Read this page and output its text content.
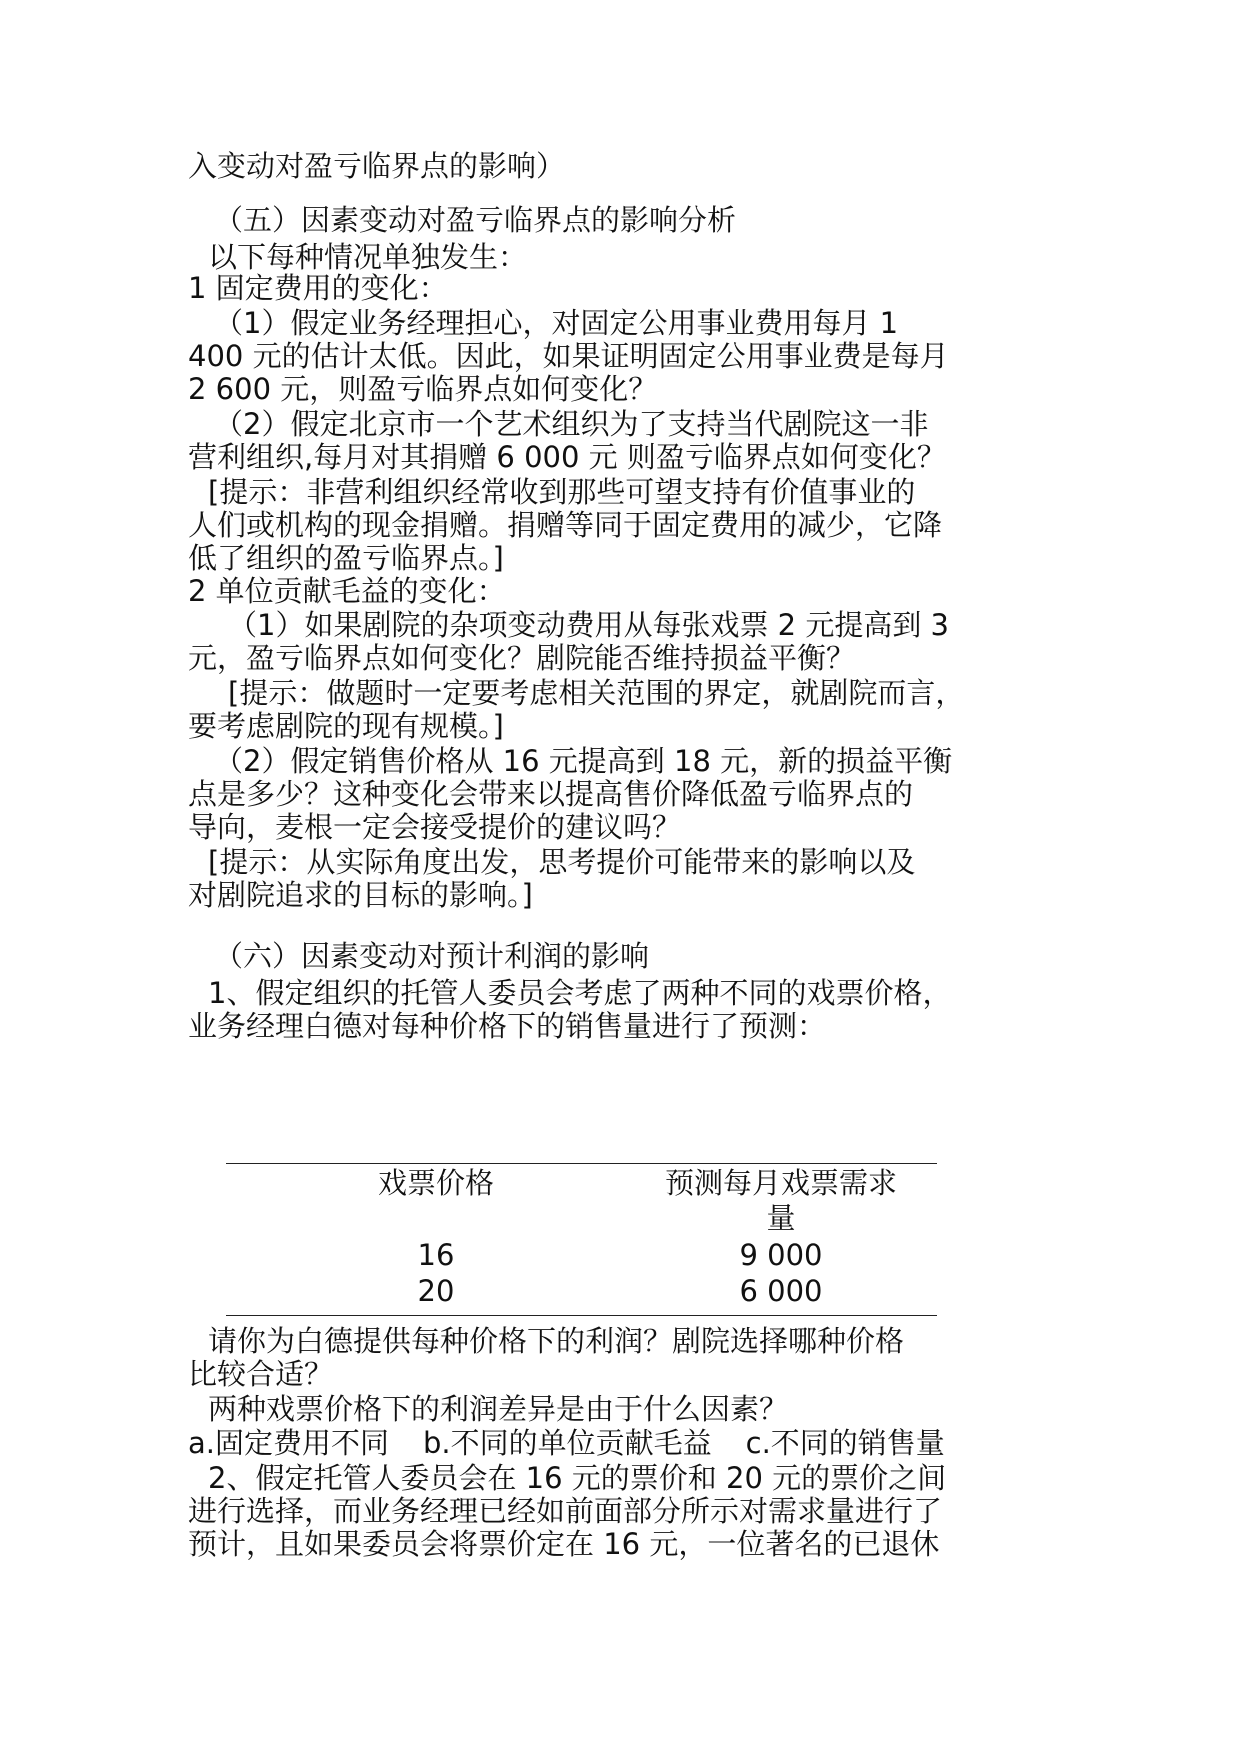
入变动对盈亏临界点的影响）

（五）因素变动对盈亏临界点的影响分析

以下每种情况单独发生：

1 固定费用的变化：

（1）假定业务经理担心，对固定公用事业费用每月 1

400 元的估计太低。因此，如果证明固定公用事业费是每月

2 600 元，则盈亏临界点如何变化？

（2）假定北京市一个艺术组织为了支持当代剧院这一非

营利组织,每月对其捐赠 6 000 元 则盈亏临界点如何变化？

[提示：非营利组织经常收到那些可望支持有价值事业的

人们或机构的现金捐赠。捐赠等同于固定费用的减少，它降

低了组织的盈亏临界点。]

2 单位贡献毛益的变化：

（1）如果剧院的杂项变动费用从每张戏票 2 元提高到 3

元，盈亏临界点如何变化？剧院能否维持损益平衡？

[提示：做题时一定要考虑相关范围的界定，就剧院而言，

要考虑剧院的现有规模。]

（2）假定销售价格从 16 元提高到 18 元，新的损益平衡

点是多少？这种变化会带来以提高售价降低盈亏临界点的

导向，麦根一定会接受提价的建议吗？

[提示：从实际角度出发，思考提价可能带来的影响以及

对剧院追求的目标的影响。]

（六）因素变动对预计利润的影响

1、假定组织的托管人委员会考虑了两种不同的戏票价格，

业务经理白德对每种价格下的销售量进行了预测：

戏票价格	预测每月戏票需求
量
16	9 000
20	6 000

请你为白德提供每种价格下的利润？剧院选择哪种价格

比较合适？

两种戏票价格下的利润差异是由于什么因素？

a.固定费用不同 b.不同的单位贡献毛益 c.不同的销售量

2、假定托管人委员会在 16 元的票价和 20 元的票价之间

进行选择，而业务经理已经如前面部分所示对需求量进行了

预计，且如果委员会将票价定在 16 元，一位著名的已退休
